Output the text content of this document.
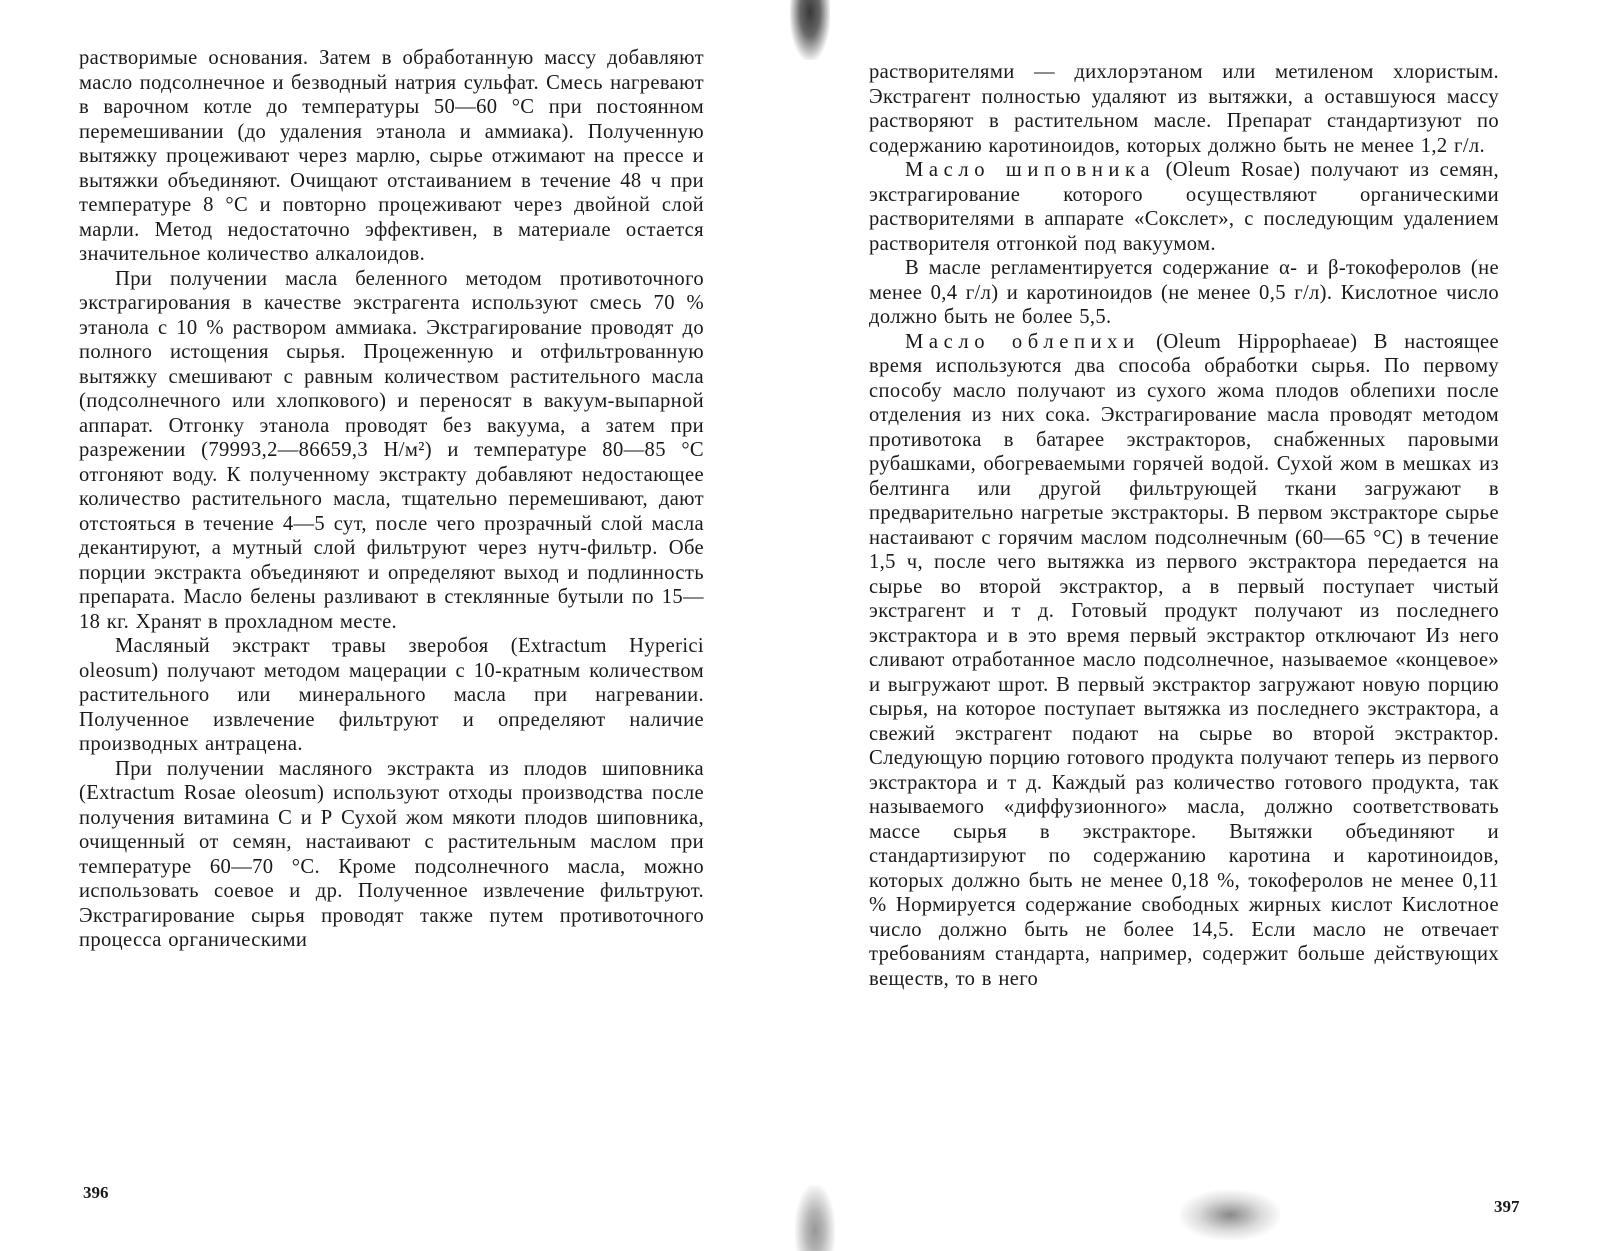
растворимые основания. Затем в обработанную массу добавляют масло подсолнечное и безводный натрия сульфат. Смесь нагревают в варочном котле до температуры 50—60 °С при постоянном перемешивании (до удаления этанола и аммиака). Полученную вытяжку процеживают через марлю, сырье отжимают на прессе и вытяжки объединяют. Очищают отстаиванием в течение 48 ч при температуре 8 °С и повторно процеживают через двойной слой марли. Метод недостаточно эффективен, в материале остается значительное количество алкалоидов.

При получении масла беленного методом противоточного экстрагирования в качестве экстрагента используют смесь 70 % этанола с 10 % раствором аммиака. Экстрагирование проводят до полного истощения сырья. Процеженную и отфильтрованную вытяжку смешивают с равным количеством растительного масла (подсолнечного или хлопкового) и переносят в вакуум-выпарной аппарат. Отгонку этанола проводят без вакуума, а затем при разрежении (79993,2—86659,3 Н/м²) и температуре 80—85 °С отгоняют воду. К полученному экстракту добавляют недостающее количество растительного масла, тщательно перемешивают, дают отстояться в течение 4—5 сут, после чего прозрачный слой масла декантируют, а мутный слой фильтруют через нутч-фильтр. Обе порции экстракта объединяют и определяют выход и подлинность препарата. Масло белены разливают в стеклянные бутыли по 15—18 кг. Хранят в прохладном месте.

Масляный экстракт травы зверобоя (Extractum Hyperici oleosum) получают методом мацерации с 10-кратным количеством растительного или минерального масла при нагревании. Полученное извлечение фильтруют и определяют наличие производных антрацена.

При получении масляного экстракта из плодов шиповника (Extractum Rosae oleosum) используют отходы производства после получения витамина С и Р Сухой жом мякоти плодов шиповника, очищенный от семян, настаивают с растительным маслом при температуре 60—70 °С. Кроме подсолнечного масла, можно использовать соевое и др. Полученное извлечение фильтруют. Экстрагирование сырья проводят также путем противоточного процесса органическими

396

растворителями — дихлорэтаном или метиленом хлористым. Экстрагент полностью удаляют из вытяжки, а оставшуюся массу растворяют в растительном масле. Препарат стандартизуют по содержанию каротиноидов, которых должно быть не менее 1,2 г/л.

Масло шиповника (Oleum Rosae) получают из семян, экстрагирование которого осуществляют органическими растворителями в аппарате «Сокслет», с последующим удалением растворителя отгонкой под вакуумом.

В масле регламентируется содержание α- и β-токоферолов (не менее 0,4 г/л) и каротиноидов (не менее 0,5 г/л). Кислотное число должно быть не более 5,5.

Масло облепихи (Oleum Hippophaeae) В настоящее время используются два способа обработки сырья. По первому способу масло получают из сухого жома плодов облепихи после отделения из них сока. Экстрагирование масла проводят методом противотока в батарее экстракторов, снабженных паровыми рубашками, обогреваемыми горячей водой. Сухой жом в мешках из белтинга или другой фильтрующей ткани загружают в предварительно нагретые экстракторы. В первом экстракторе сырье настаивают с горячим маслом подсолнечным (60—65 °С) в течение 1,5 ч, после чего вытяжка из первого экстрактора передается на сырье во второй экстрактор, а в первый поступает чистый экстрагент и т д. Готовый продукт получают из последнего экстрактора и в это время первый экстрактор отключают Из него сливают отработанное масло подсолнечное, называемое «концевое» и выгружают шрот. В первый экстрактор загружают новую порцию сырья, на которое поступает вытяжка из последнего экстрактора, а свежий экстрагент подают на сырье во второй экстрактор. Следующую порцию готового продукта получают теперь из первого экстрактора и т д. Каждый раз количество готового продукта, так называемого «диффузионного» масла, должно соответствовать массе сырья в экстракторе. Вытяжки объединяют и стандартизируют по содержанию каротина и каротиноидов, которых должно быть не менее 0,18 %, токоферолов не менее 0,11 % Нормируется содержание свободных жирных кислот Кислотное число должно быть не более 14,5. Если масло не отвечает требованиям стандарта, например, содержит больше действующих веществ, то в него

397
